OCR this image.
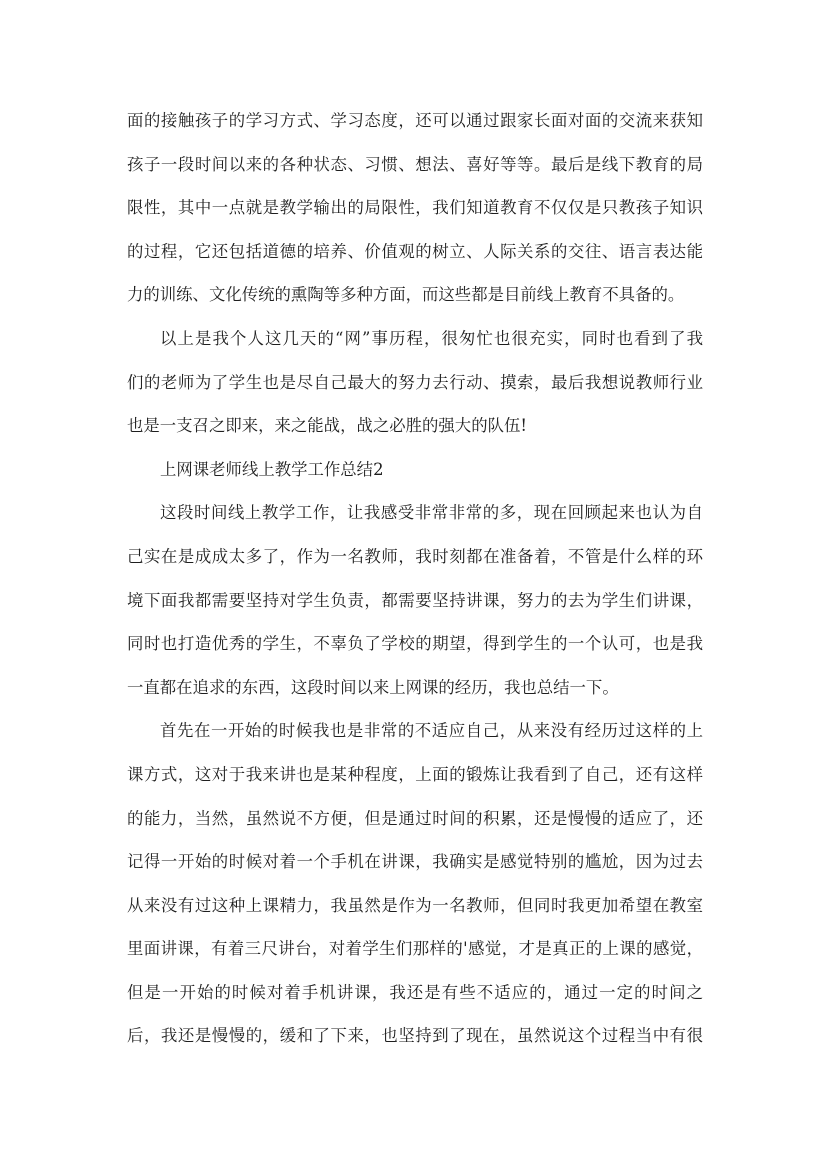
面的接触孩子的学习方式、学习态度，还可以通过跟家长面对面的交流来获知
孩子一段时间以来的各种状态、习惯、想法、喜好等等。最后是线下教育的局
限性，其中一点就是教学输出的局限性，我们知道教育不仅仅是只教孩子知识
的过程，它还包括道德的培养、价值观的树立、人际关系的交往、语言表达能
力的训练、文化传统的熏陶等多种方面，而这些都是目前线上教育不具备的。
以上是我个人这几天的“网”事历程，很匆忙也很充实，同时也看到了我
们的老师为了学生也是尽自己最大的努力去行动、摸索，最后我想说教师行业
也是一支召之即来，来之能战，战之必胜的强大的队伍!
上网课老师线上教学工作总结2
这段时间线上教学工作，让我感受非常非常的多，现在回顾起来也认为自
己实在是成成太多了，作为一名教师，我时刻都在准备着，不管是什么样的环
境下面我都需要坚持对学生负责，都需要坚持讲课，努力的去为学生们讲课，
同时也打造优秀的学生，不辜负了学校的期望，得到学生的一个认可，也是我
一直都在追求的东西，这段时间以来上网课的经历，我也总结一下。
首先在一开始的时候我也是非常的不适应自己，从来没有经历过这样的上
课方式，这对于我来讲也是某种程度，上面的锻炼让我看到了自己，还有这样
的能力，当然，虽然说不方便，但是通过时间的积累，还是慢慢的适应了，还
记得一开始的时候对着一个手机在讲课，我确实是感觉特别的尴尬，因为过去
从来没有过这种上课精力，我虽然是作为一名教师，但同时我更加希望在教室
里面讲课，有着三尺讲台，对着学生们那样的'感觉，才是真正的上课的感觉，
但是一开始的时候对着手机讲课，我还是有些不适应的，通过一定的时间之
后，我还是慢慢的，缓和了下来，也坚持到了现在，虽然说这个过程当中有很
